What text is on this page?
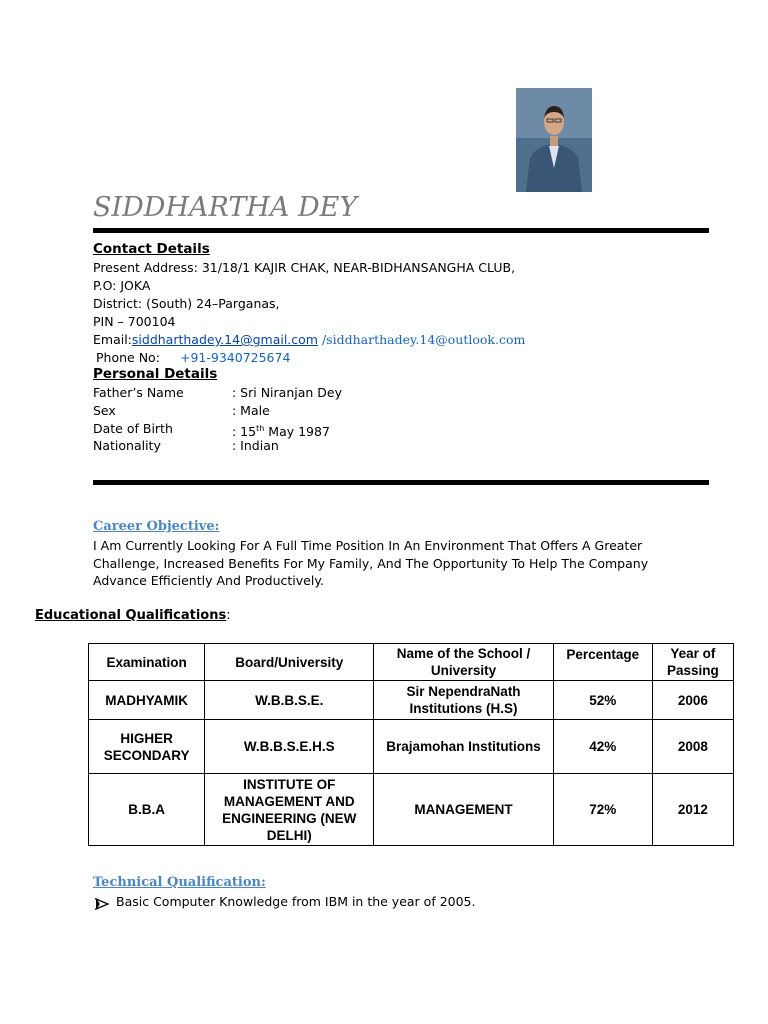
SIDDHARTHA DEY
Contact Details
Present Address: 31/18/1 KAJIR CHAK, NEAR-BIDHANSANGHA CLUB,
P.O: JOKA
District: (South) 24–Parganas,
PIN – 700104
Email:siddharthadey.14@gmail.com /siddharthadey.14@outlook.com
Phone No: +91-9340725674
Personal Details
Father’s Name	: Sri Niranjan Dey
Sex	: Male
Date of Birth	: 15th May 1987
Nationality	: Indian
Career Objective:
I Am Currently Looking For A Full Time Position In An Environment That Offers A Greater
Challenge, Increased Benefits For My Family, And The Opportunity To Help The Company
Advance Efficiently And Productively.
Educational Qualifications:
Examination	Board/University	Name of the School / University	Percentage	Year of Passing
MADHYAMIK	W.B.B.S.E.	Sir NependraNath Institutions (H.S)	52%	2006
HIGHER SECONDARY	W.B.B.S.E.H.S	Brajamohan Institutions	42%	2008
B.B.A	INSTITUTE OF MANAGEMENT AND ENGINEERING (NEW DELHI)	MANAGEMENT	72%	2012
Technical Qualification:
Basic Computer Knowledge from IBM in the year of 2005.
